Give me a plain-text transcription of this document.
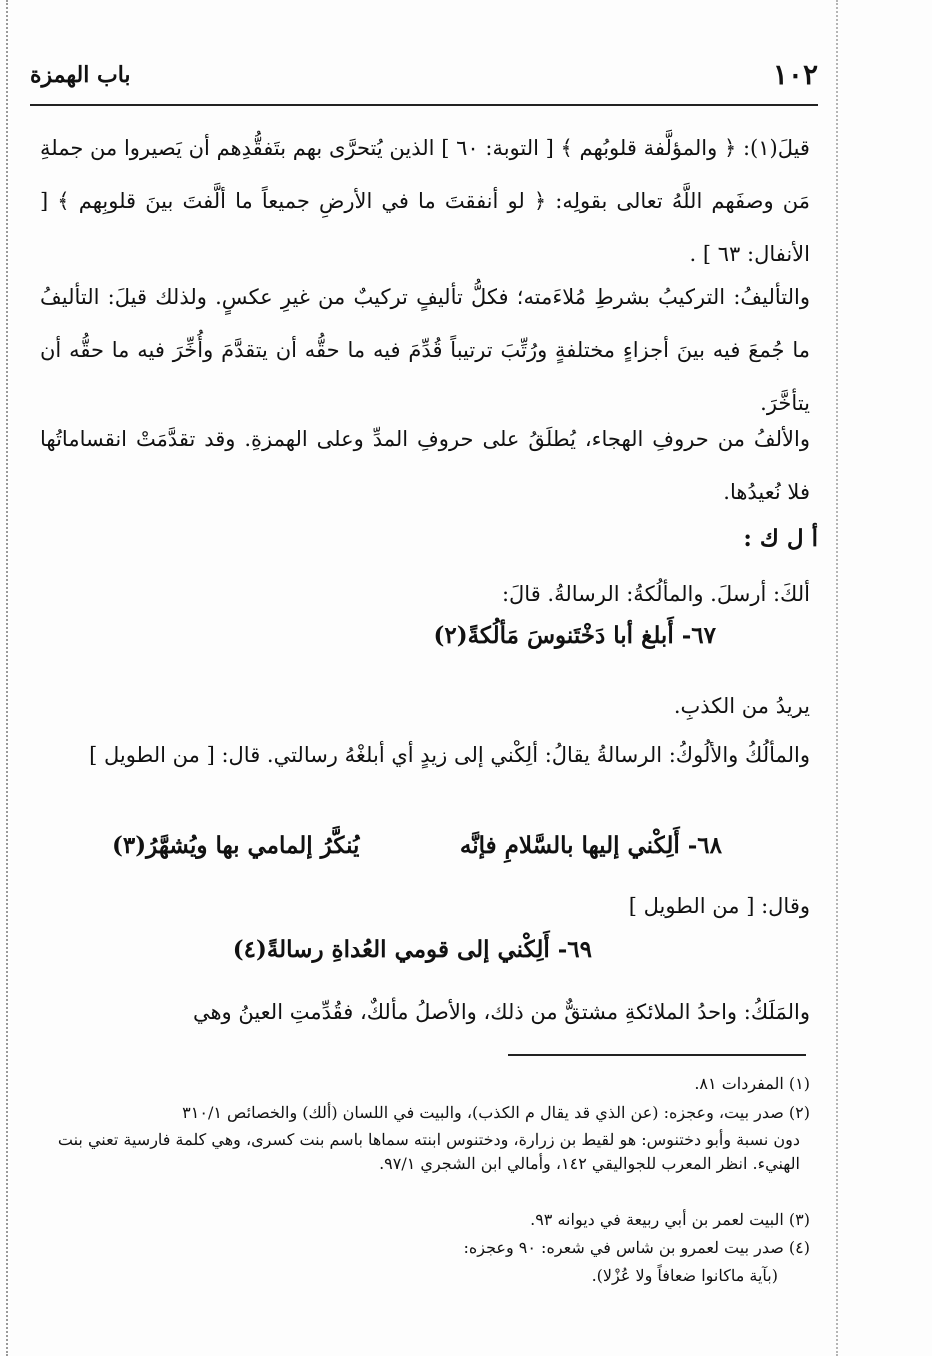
١٠٢
باب الهمزة

قيلَ(١): ﴿ والمؤلَّفة قلوبُهم ﴾ [ التوبة: ٦٠ ] الذين يُتحرَّى بهم بتَفقُّدِهم أن يَصيروا من جملةِ مَن وصفَهم اللَّهُ تعالى بقولِه: ﴿ لو أنفقتَ ما في الأرضِ جميعاً ما ألَّفتَ بينَ قلوبِهم ﴾ [ الأنفال: ٦٣ ] .

والتأليفُ: التركيبُ بشرطِ مُلاءَمته؛ فكلُّ تأليفٍ تركيبٌ من غيرِ عكسٍ. ولذلك قيلَ: التأليفُ ما جُمعَ فيه بينَ أجزاءٍ مختلفةٍ ورُتِّبَ ترتيباً قُدِّمَ فيه ما حقُّه أن يتقدَّمَ وأُخِّرَ فيه ما حقُّه أن يتأخَّرَ.

والألفُ من حروفِ الهجاء، يُطلَقُ على حروفِ المدِّ وعلى الهمزةِ. وقد تقدَّمَتْ انقساماتُها فلا نُعيدُها.

أ ل ك :

ألكَ: أرسلَ. والمألُكةُ: الرسالةُ. قالَ:

٦٧- أَبلغ أبا دَخْتَنوسَ مَألُكةً(٢)

يريدُ من الكذبِ.

والمألُكُ والألُوكُ: الرسالةُ يقالُ: ألِكْني إلى زيدٍ أي أبلغْهُ رسالتي. قال: [ من الطويل ]

٦٨- أَلِكْني إليها بالسَّلامِ فإنَّه
يُنكَّرُ إلمامي بها ويُشهَّرُ(٣)

وقال: [ من الطويل ]

٦٩- أَلِكْني إلى قومي العُداةِ رسالةً(٤)

والمَلَكُ: واحدُ الملائكةِ مشتقٌّ من ذلك، والأصلُ مألكٌ، فقُدِّمتِ العينُ وهي

(١) المفردات ٨١.

(٢) صدر بيت، وعجزه: (عن الذي قد يقال م الكذب)، والبيت في اللسان (ألك) والخصائص ٣١٠/١

دون نسبة وأبو دختنوس: هو لقيط بن زرارة، ودختنوس ابنته سماها باسم بنت كسرى، وهي كلمة فارسية تعني بنت الهنيء. انظر المعرب للجواليقي ١٤٢، وأمالي ابن الشجري ٩٧/١.

(٣) البيت لعمر بن أبي ربيعة في ديوانه ٩٣.

(٤) صدر بيت لعمرو بن شاس في شعره: ٩٠ وعجزه:

(بآية ماكانوا ضعافاً ولا عُزْلا).
